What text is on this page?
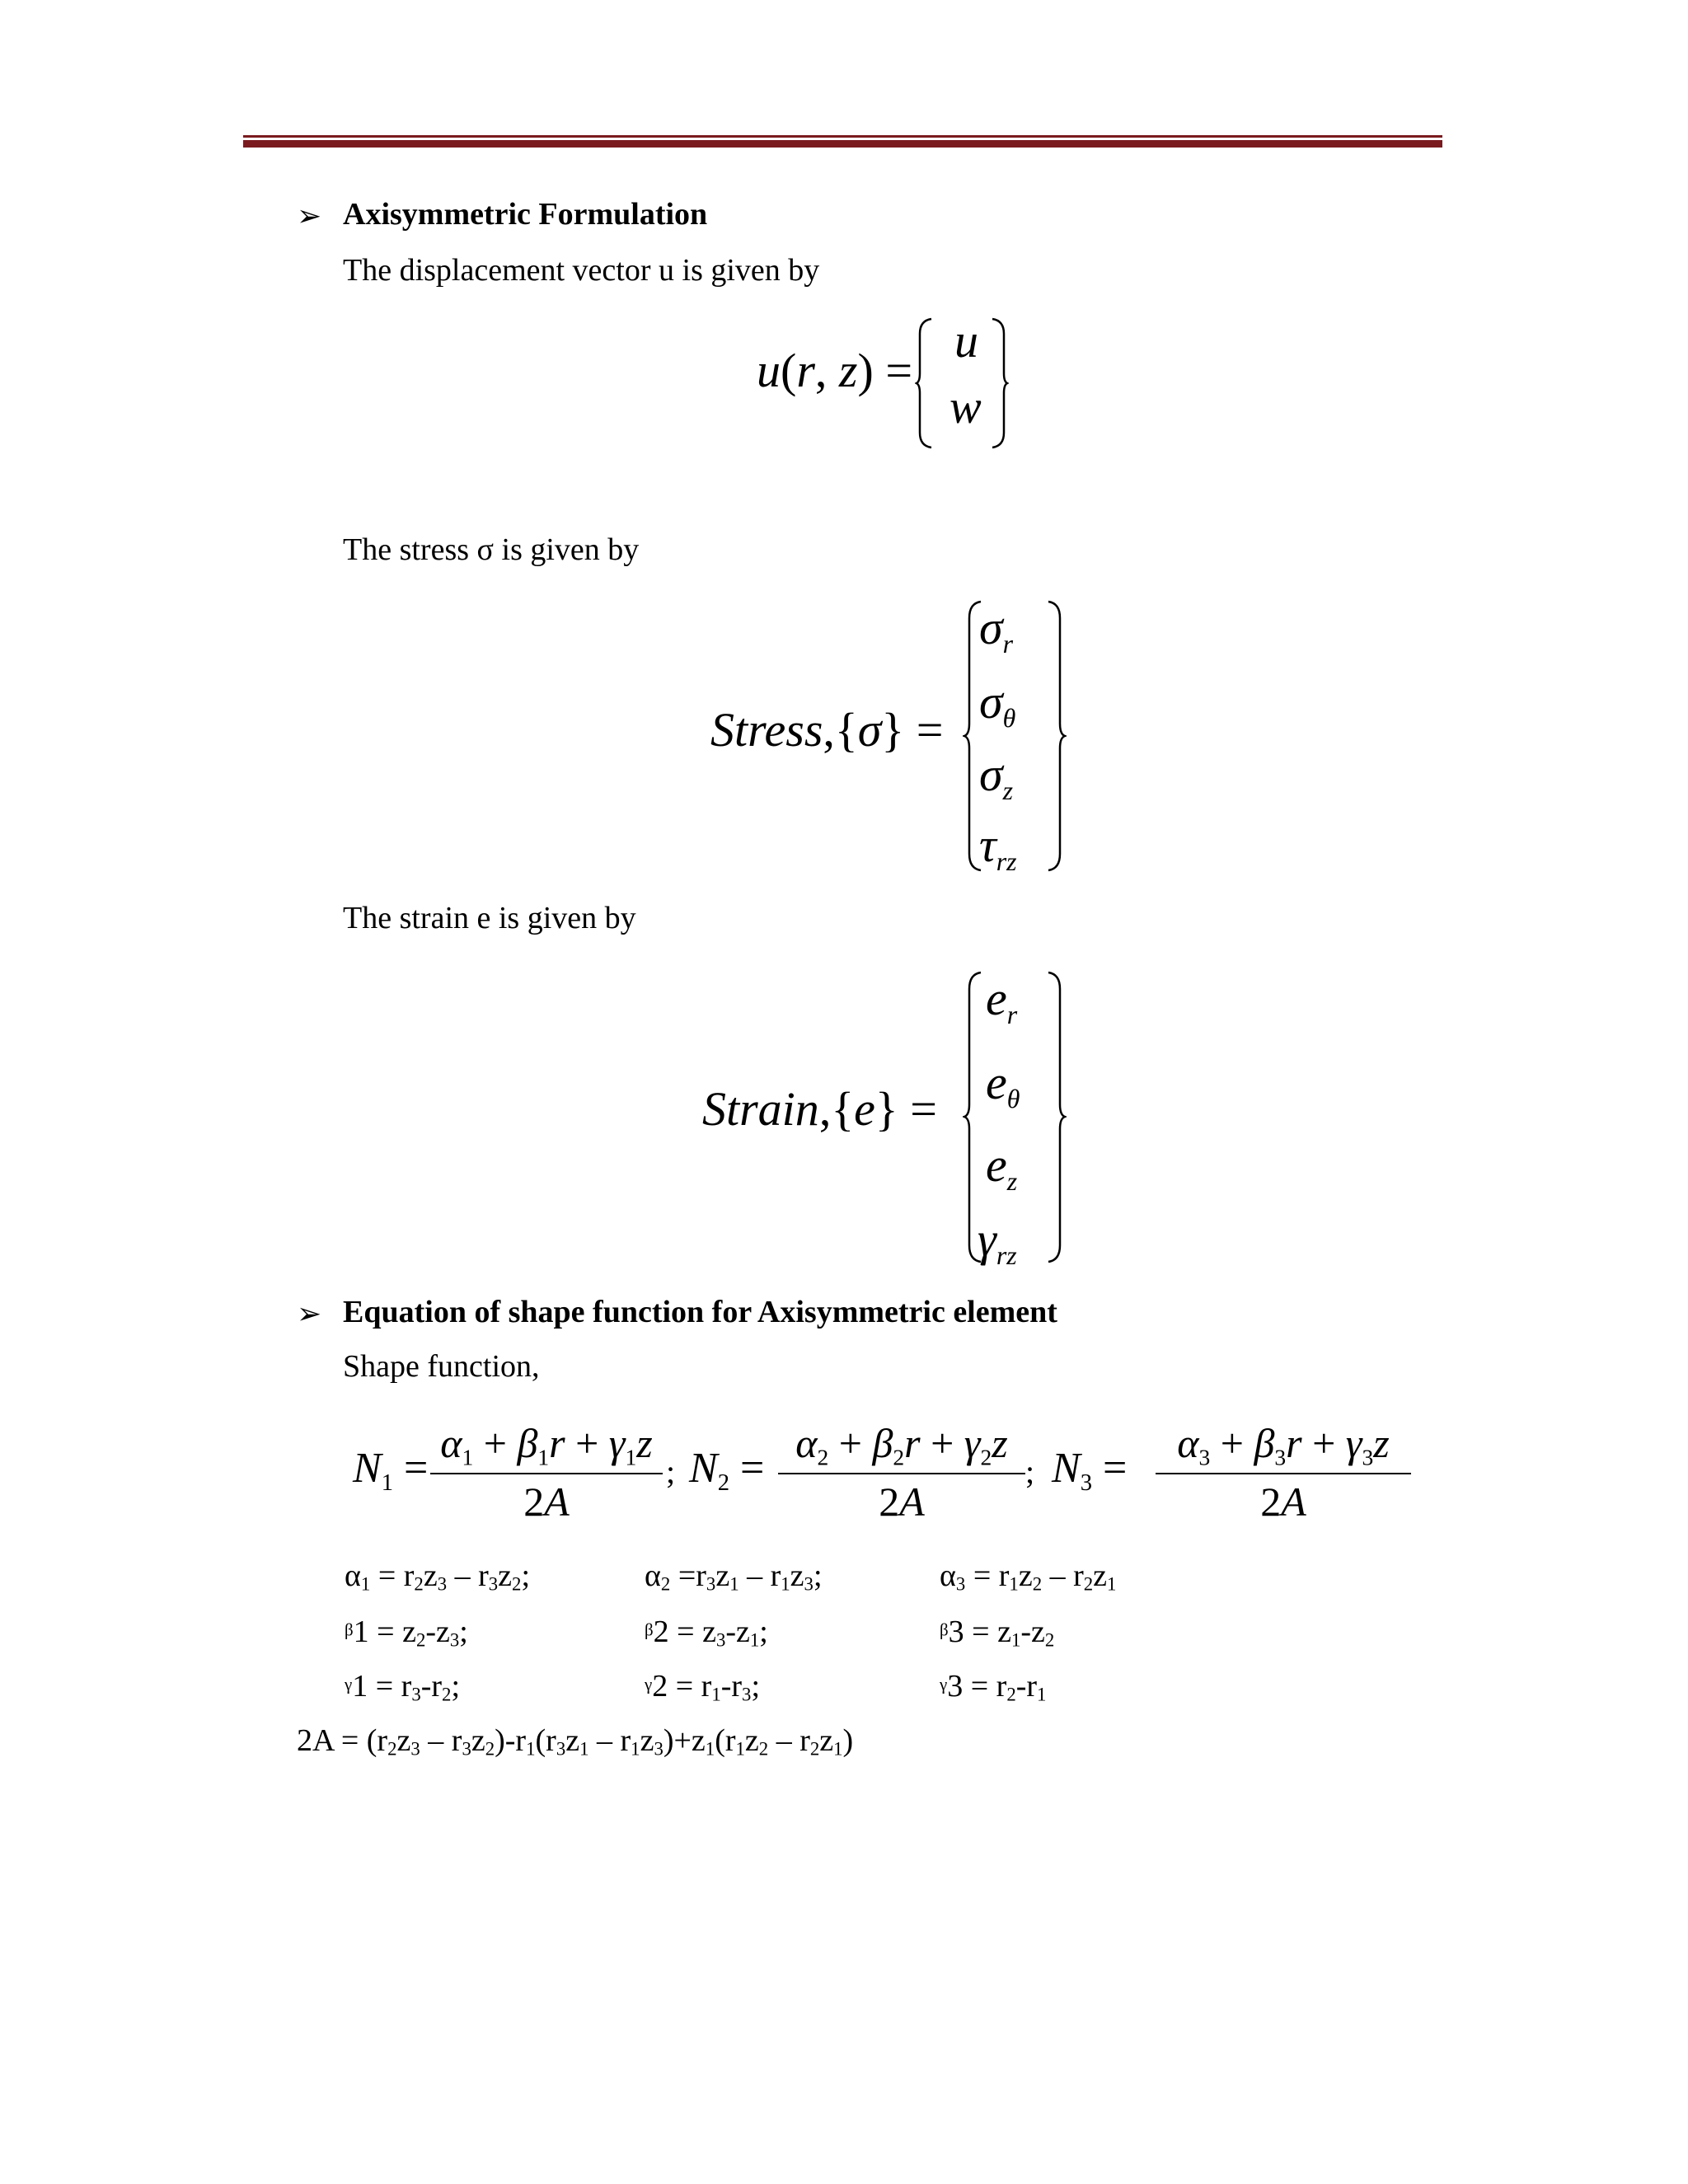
➢ Axisymmetric Formulation
The displacement vector u is given by
u(r, z) =
u
w
The stress σ is given by
Stress,{σ} =
$\sigma_r$
$\sigma_\theta$
$\sigma_z$
$\tau_{rz}$
The strain e is given by
Strain,{e} =
$e_r$
$e_\theta$
$e_z$
$\gamma_{rz}$
➢ Equation of shape function for Axisymmetric element
Shape function,
$N_1$ =
$\alpha_1 + \beta_1r + \gamma_1z$
2A
; $N_2$ =
$\alpha_2 + \beta_2r + \gamma_2z$
2A
; $N_3$ =
$\alpha_3 + \beta_3r + \gamma_3z$
2A
$\alpha_1 = r_2z_3 - r_3z_2$;	$\alpha_2 =r_3z_1 - r_1z_3$;	$\alpha_3 = r_1z_2 - r_2z_1$
$\beta 1 = z_2-z_3$;	$\beta 2 = z_3-z_1$;	$\beta 3 = z_1-z_2$
$\gamma 1 = r_3-r_2$;	$\gamma 2 = r_1-r_3$;	$\gamma 3 = r_2-r_1$
$2A = (r_2z_3 - r_3z_2)-r_1(r_3z_1 - r_1z_3)+z_1(r_1z_2 - r_2z_1)$
